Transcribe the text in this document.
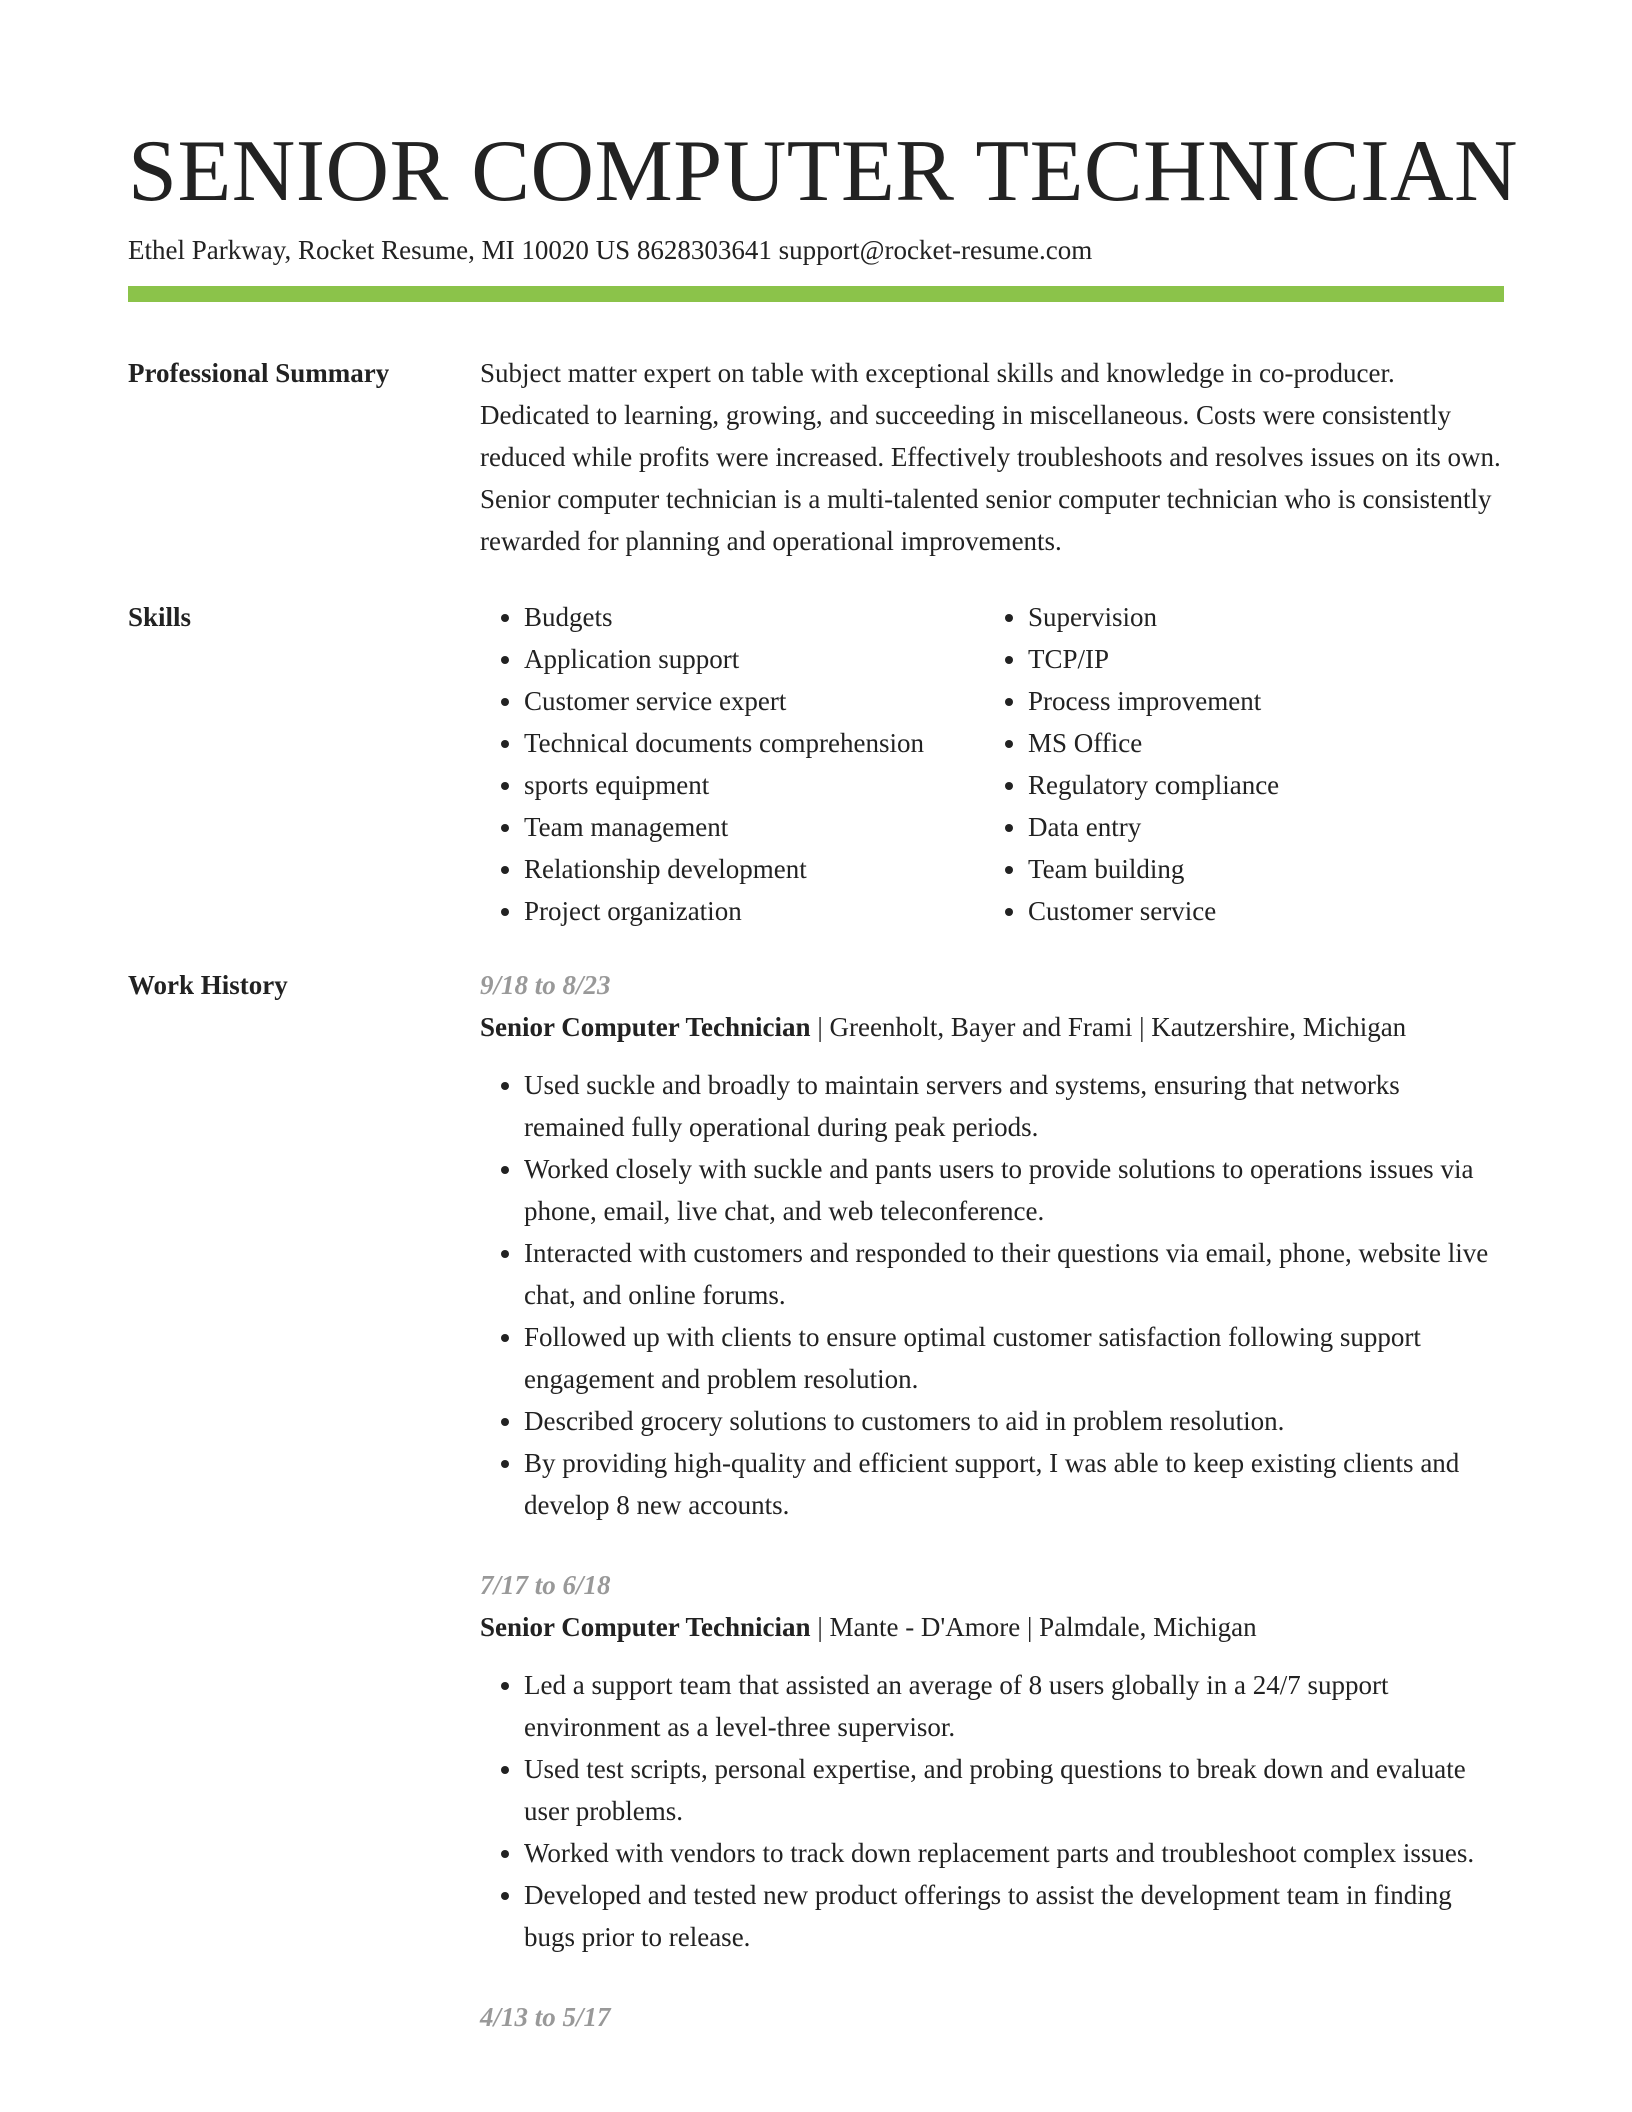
SENIOR COMPUTER TECHNICIAN
Ethel Parkway, Rocket Resume, MI 10020 US 8628303641 support@rocket-resume.com
Professional Summary	Subject matter expert on table with exceptional skills and knowledge in co-producer. Dedicated to learning, growing, and succeeding in miscellaneous. Costs were consistently reduced while profits were increased. Effectively troubleshoots and resolves issues on its own. Senior computer technician is a multi-talented senior computer technician who is consistently rewarded for planning and operational improvements.

Skills
•	Budgets
• Application support
• Customer service expert
• Technical documents comprehension
• sports equipment
• Team management
• Relationship development
• Project organization
• Supervision
• TCP/IP
• Process improvement
• MS Office
• Regulatory compliance
• Data entry
• Team building
• Customer service
Work History	9/18 to 8/23
Senior Computer Technician | Greenholt, Bayer and Frami | Kautzershire, Michigan
• Used suckle and broadly to maintain servers and systems, ensuring that networks remained fully operational during peak periods.
• Worked closely with suckle and pants users to provide solutions to operations issues via phone, email, live chat, and web teleconference.
• Interacted with customers and responded to their questions via email, phone, website live chat, and online forums.
• Followed up with clients to ensure optimal customer satisfaction following support engagement and problem resolution.
• Described grocery solutions to customers to aid in problem resolution.
• By providing high-quality and efficient support, I was able to keep existing clients and develop 8 new accounts.
7/17 to 6/18
Senior Computer Technician | Mante - D'Amore | Palmdale, Michigan
• Led a support team that assisted an average of 8 users globally in a 24/7 support environment as a level-three supervisor.
• Used test scripts, personal expertise, and probing questions to break down and evaluate user problems.
• Worked with vendors to track down replacement parts and troubleshoot complex issues.
• Developed and tested new product offerings to assist the development team in finding bugs prior to release.
4/13 to 5/17
